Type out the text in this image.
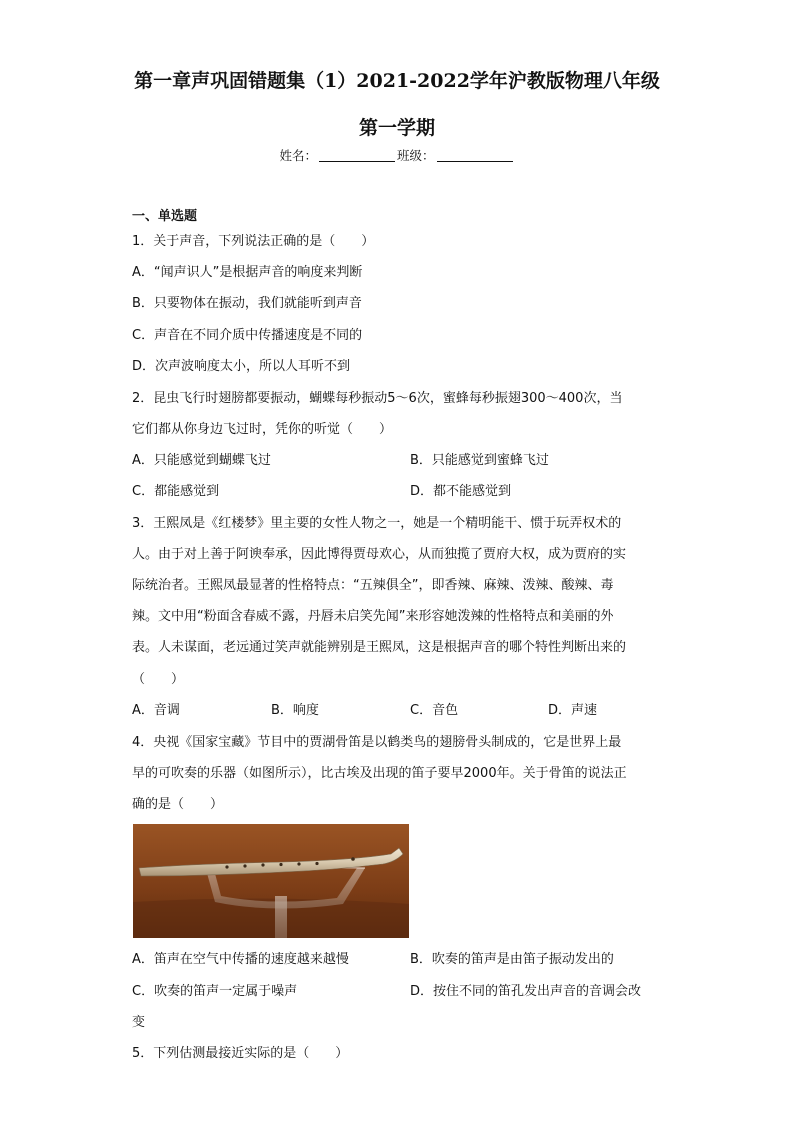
第一章声巩固错题集（1）2021-2022学年沪教版物理八年级
第一学期
姓名：	班级：
一、单选题
1．关于声音，下列说法正确的是（　　）
A．“闻声识人”是根据声音的响度来判断
B．只要物体在振动，我们就能听到声音
C．声音在不同介质中传播速度是不同的
D．次声波响度太小，所以人耳听不到
2．昆虫飞行时翅膀都要振动，蝴蝶每秒振动5～6次，蜜蜂每秒振翅300～400次，当
它们都从你身边飞过时，凭你的听觉（　　）
A．只能感觉到蝴蝶飞过	B．只能感觉到蜜蜂飞过
C．都能感觉到	D．都不能感觉到
3．王熙凤是《红楼梦》里主要的女性人物之一，她是一个精明能干、惯于玩弄权术的
人。由于对上善于阿谀奉承，因此博得贾母欢心，从而独揽了贾府大权，成为贾府的实
际统治者。王熙凤最显著的性格特点：“五辣俱全”，即香辣、麻辣、泼辣、酸辣、毒
辣。文中用“粉面含春威不露，丹唇未启笑先闻”来形容她泼辣的性格特点和美丽的外
表。人未谋面，老远通过笑声就能辨别是王熙凤，这是根据声音的哪个特性判断出来的
（　　）
A．音调	B．响度	C．音色	D．声速
4．央视《国家宝藏》节目中的贾湖骨笛是以鹤类鸟的翅膀骨头制成的，它是世界上最
早的可吹奏的乐器（如图所示），比古埃及出现的笛子要早2000年。关于骨笛的说法正
确的是（　　）
A．笛声在空气中传播的速度越来越慢	B．吹奏的笛声是由笛子振动发出的
C．吹奏的笛声一定属于噪声	D．按住不同的笛孔发出声音的音调会改
变
5．下列估测最接近实际的是（　　）
